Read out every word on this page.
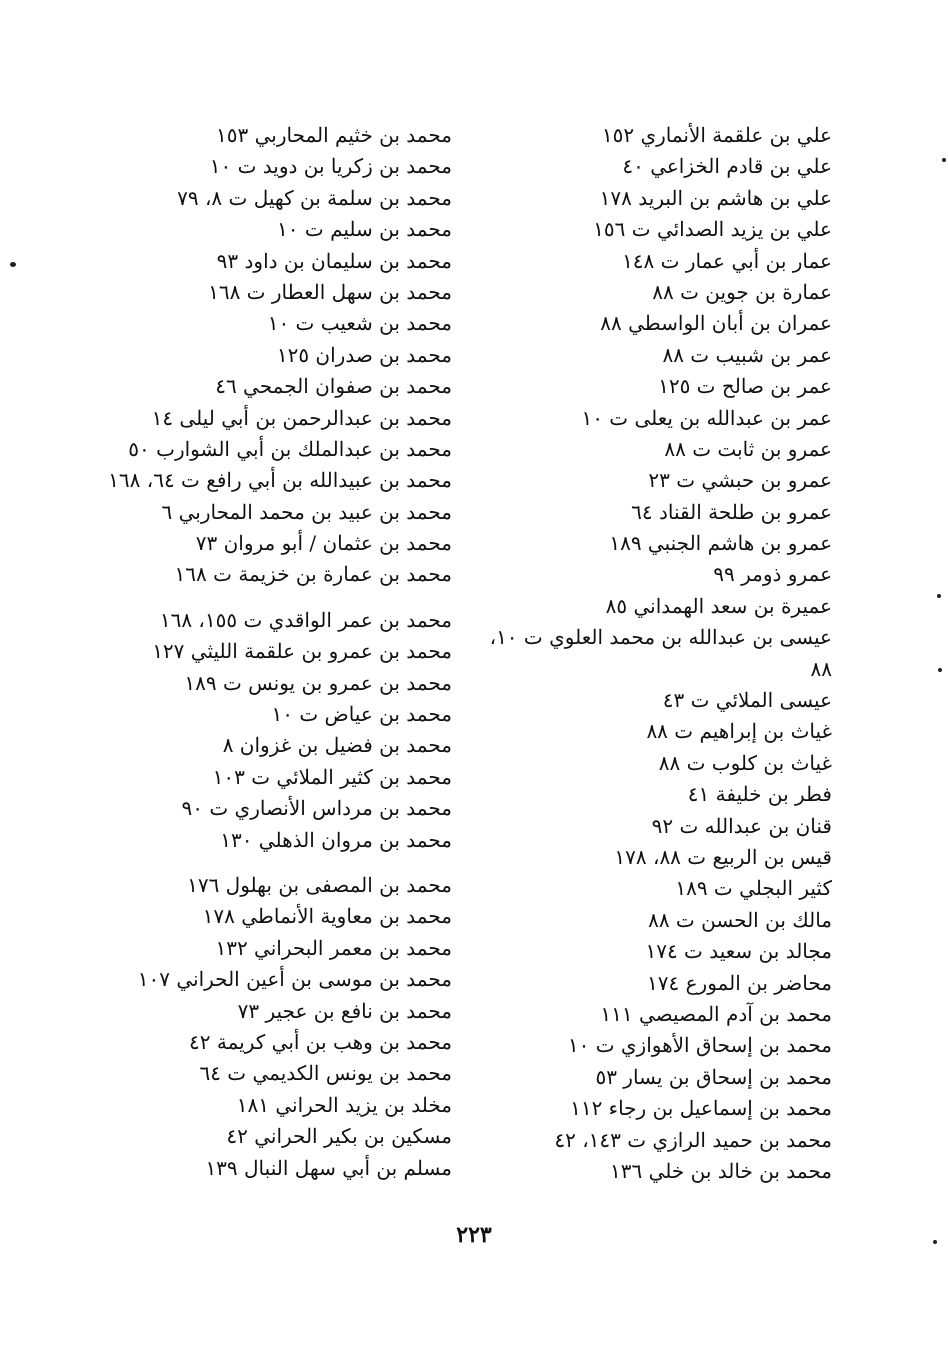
علي بن علقمة الأنماري ١٥٢
علي بن قادم الخزاعي ٤٠
علي بن هاشم بن البريد ١٧٨
علي بن يزيد الصدائي ت ١٥٦
عمار بن أبي عمار ت ١٤٨
عمارة بن جوين ت ٨٨
عمران بن أبان الواسطي ٨٨
عمر بن شبيب ت ٨٨
عمر بن صالح ت ١٢٥
عمر بن عبدالله بن يعلى ت ١٠
عمرو بن ثابت ت ٨٨
عمرو بن حبشي ت ٢٣
عمرو بن طلحة القناد ٦٤
عمرو بن هاشم الجنبي ١٨٩
عمرو ذومر ٩٩
عميرة بن سعد الهمداني ٨٥
عيسى بن عبدالله بن محمد العلوي ت ١٠، ٨٨
عيسى الملائي ت ٤٣
غياث بن إبراهيم ت ٨٨
غياث بن كلوب ت ٨٨
فطر بن خليفة ٤١
قنان بن عبدالله ت ٩٢
قيس بن الربيع ت ٨٨، ١٧٨
كثير البجلي ت ١٨٩
مالك بن الحسن ت ٨٨
مجالد بن سعيد ت ١٧٤
محاضر بن المورع ١٧٤
محمد بن آدم المصيصي ١١١
محمد بن إسحاق الأهوازي ت ١٠
محمد بن إسحاق بن يسار ٥٣
محمد بن إسماعيل بن رجاء ١١٢
محمد بن حميد الرازي ت ١٤٣، ٤٢
محمد بن خالد بن خلي ١٣٦
محمد بن خثيم المحاربي ١٥٣
محمد بن زكريا بن دويد ت ١٠
محمد بن سلمة بن كهيل ت ٨، ٧٩
محمد بن سليم ت ١٠
محمد بن سليمان بن داود ٩٣
محمد بن سهل العطار ت ١٦٨
محمد بن شعيب ت ١٠
محمد بن صدران ١٢٥
محمد بن صفوان الجمحي ٤٦
محمد بن عبدالرحمن بن أبي ليلى ١٤
محمد بن عبدالملك بن أبي الشوارب ٥٠
محمد بن عبيدالله بن أبي رافع ت ٦٤، ١٦٨
محمد بن عبيد بن محمد المحاربي ٦
محمد بن عثمان / أبو مروان ٧٣
محمد بن عمارة بن خزيمة ت ١٦٨
محمد بن عمر الواقدي ت ١٥٥، ١٦٨
محمد بن عمرو بن علقمة الليثي ١٢٧
محمد بن عمرو بن يونس ت ١٨٩
محمد بن عياض ت ١٠
محمد بن فضيل بن غزوان ٨
محمد بن كثير الملائي ت ١٠٣
محمد بن مرداس الأنصاري ت ٩٠
محمد بن مروان الذهلي ١٣٠
محمد بن المصفى بن بهلول ١٧٦
محمد بن معاوية الأنماطي ١٧٨
محمد بن معمر البحراني ١٣٢
محمد بن موسى بن أعين الحراني ١٠٧
محمد بن نافع بن عجير ٧٣
محمد بن وهب بن أبي كريمة ٤٢
محمد بن يونس الكديمي ت ٦٤
مخلد بن يزيد الحراني ١٨١
مسكين بن بكير الحراني ٤٢
مسلم بن أبي سهل النبال ١٣٩
٢٢٣
